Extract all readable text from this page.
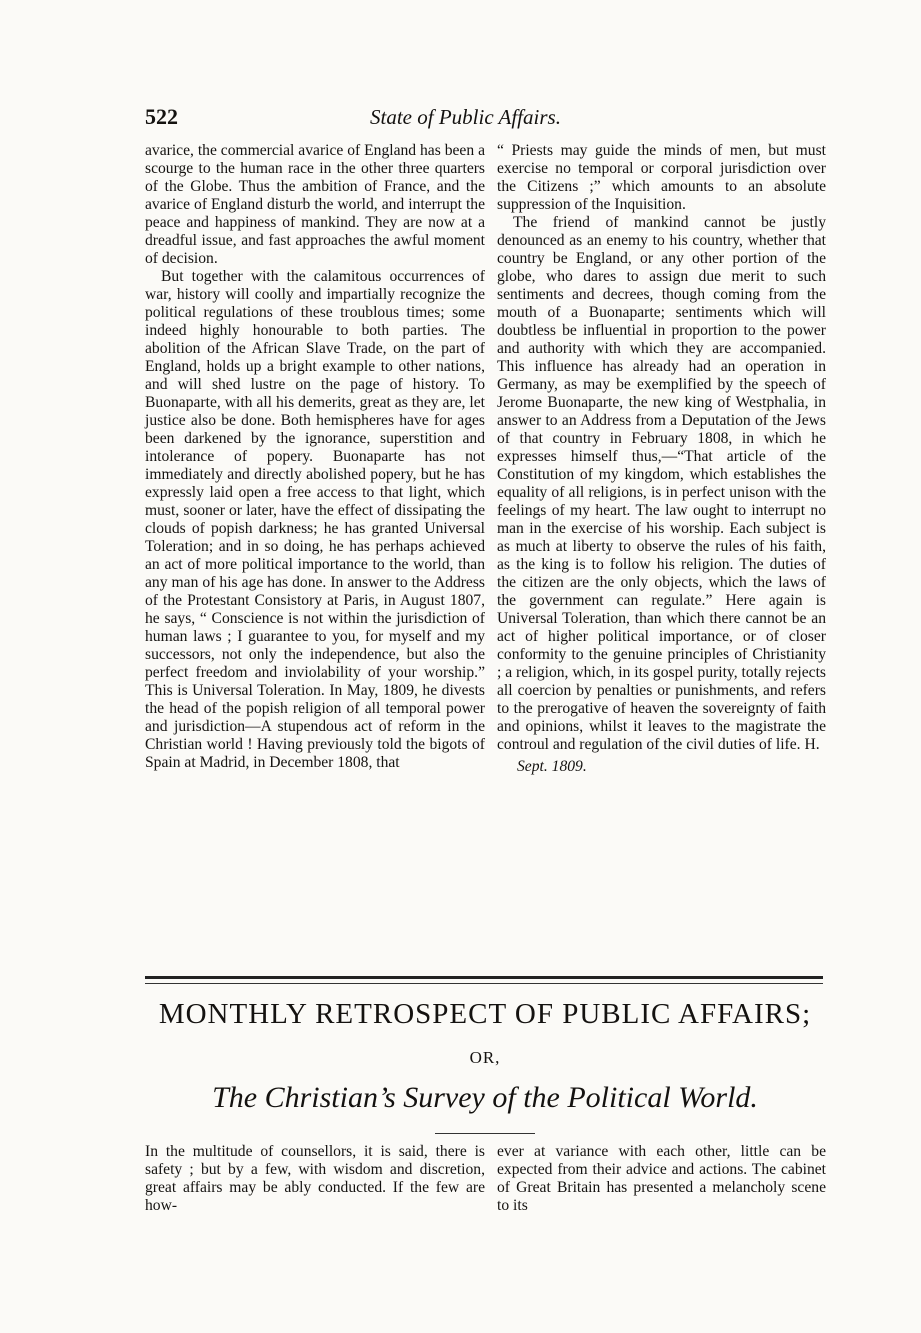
522	State of Public Affairs.

avarice, the commercial avarice of England has been a scourge to the human race in the other three quarters of the Globe. Thus the ambition of France, and the avarice of England disturb the world, and interrupt the peace and happiness of mankind. They are now at a dreadful issue, and fast approaches the awful moment of decision.

But together with the calamitous occurrences of war, history will coolly and impartially recognize the political regulations of these troublous times; some indeed highly honourable to both parties. The abolition of the African Slave Trade, on the part of England, holds up a bright example to other nations, and will shed lustre on the page of history. To Buonaparte, with all his demerits, great as they are, let justice also be done. Both hemispheres have for ages been darkened by the ignorance, superstition and intolerance of popery. Buonaparte has not immediately and directly abolished popery, but he has expressly laid open a free access to that light, which must, sooner or later, have the effect of dissipating the clouds of popish darkness; he has granted Universal Toleration; and in so doing, he has perhaps achieved an act of more political importance to the world, than any man of his age has done. In answer to the Address of the Protestant Consistory at Paris, in August 1807, he says, “ Conscience is not within the jurisdiction of human laws ; I guarantee to you, for myself and my successors, not only the independence, but also the perfect freedom and inviolability of your worship.” This is Universal Toleration. In May, 1809, he divests the head of the popish religion of all temporal power and jurisdiction—A stupendous act of reform in the Christian world ! Having previously told the bigots of Spain at Madrid, in December 1808, that

“ Priests may guide the minds of men, but must exercise no temporal or corporal jurisdiction over the Citizens ;” which amounts to an absolute suppression of the Inquisition.

The friend of mankind cannot be justly denounced as an enemy to his country, whether that country be England, or any other portion of the globe, who dares to assign due merit to such sentiments and decrees, though coming from the mouth of a Buonaparte; sentiments which will doubtless be influential in proportion to the power and authority with which they are accompanied. This influence has already had an operation in Germany, as may be exemplified by the speech of Jerome Buonaparte, the new king of Westphalia, in answer to an Address from a Deputation of the Jews of that country in February 1808, in which he expresses himself thus,—“That article of the Constitution of my kingdom, which establishes the equality of all religions, is in perfect unison with the feelings of my heart. The law ought to interrupt no man in the exercise of his worship. Each subject is as much at liberty to observe the rules of his faith, as the king is to follow his religion. The duties of the citizen are the only objects, which the laws of the government can regulate.” Here again is Universal Toleration, than which there cannot be an act of higher political importance, or of closer conformity to the genuine principles of Christianity ; a religion, which, in its gospel purity, totally rejects all coercion by penalties or punishments, and refers to the prerogative of heaven the sovereignty of faith and opinions, whilst it leaves to the magistrate the controul and regulation of the civil duties of life. H.

Sept. 1809.

MONTHLY RETROSPECT OF PUBLIC AFFAIRS;
OR,
The Christian’s Survey of the Political World.

In the multitude of counsellors, it is said, there is safety ; but by a few, with wisdom and discretion, great affairs may be ably conducted. If the few are how-

ever at variance with each other, little can be expected from their advice and actions. The cabinet of Great Britain has presented a melancholy scene to its
